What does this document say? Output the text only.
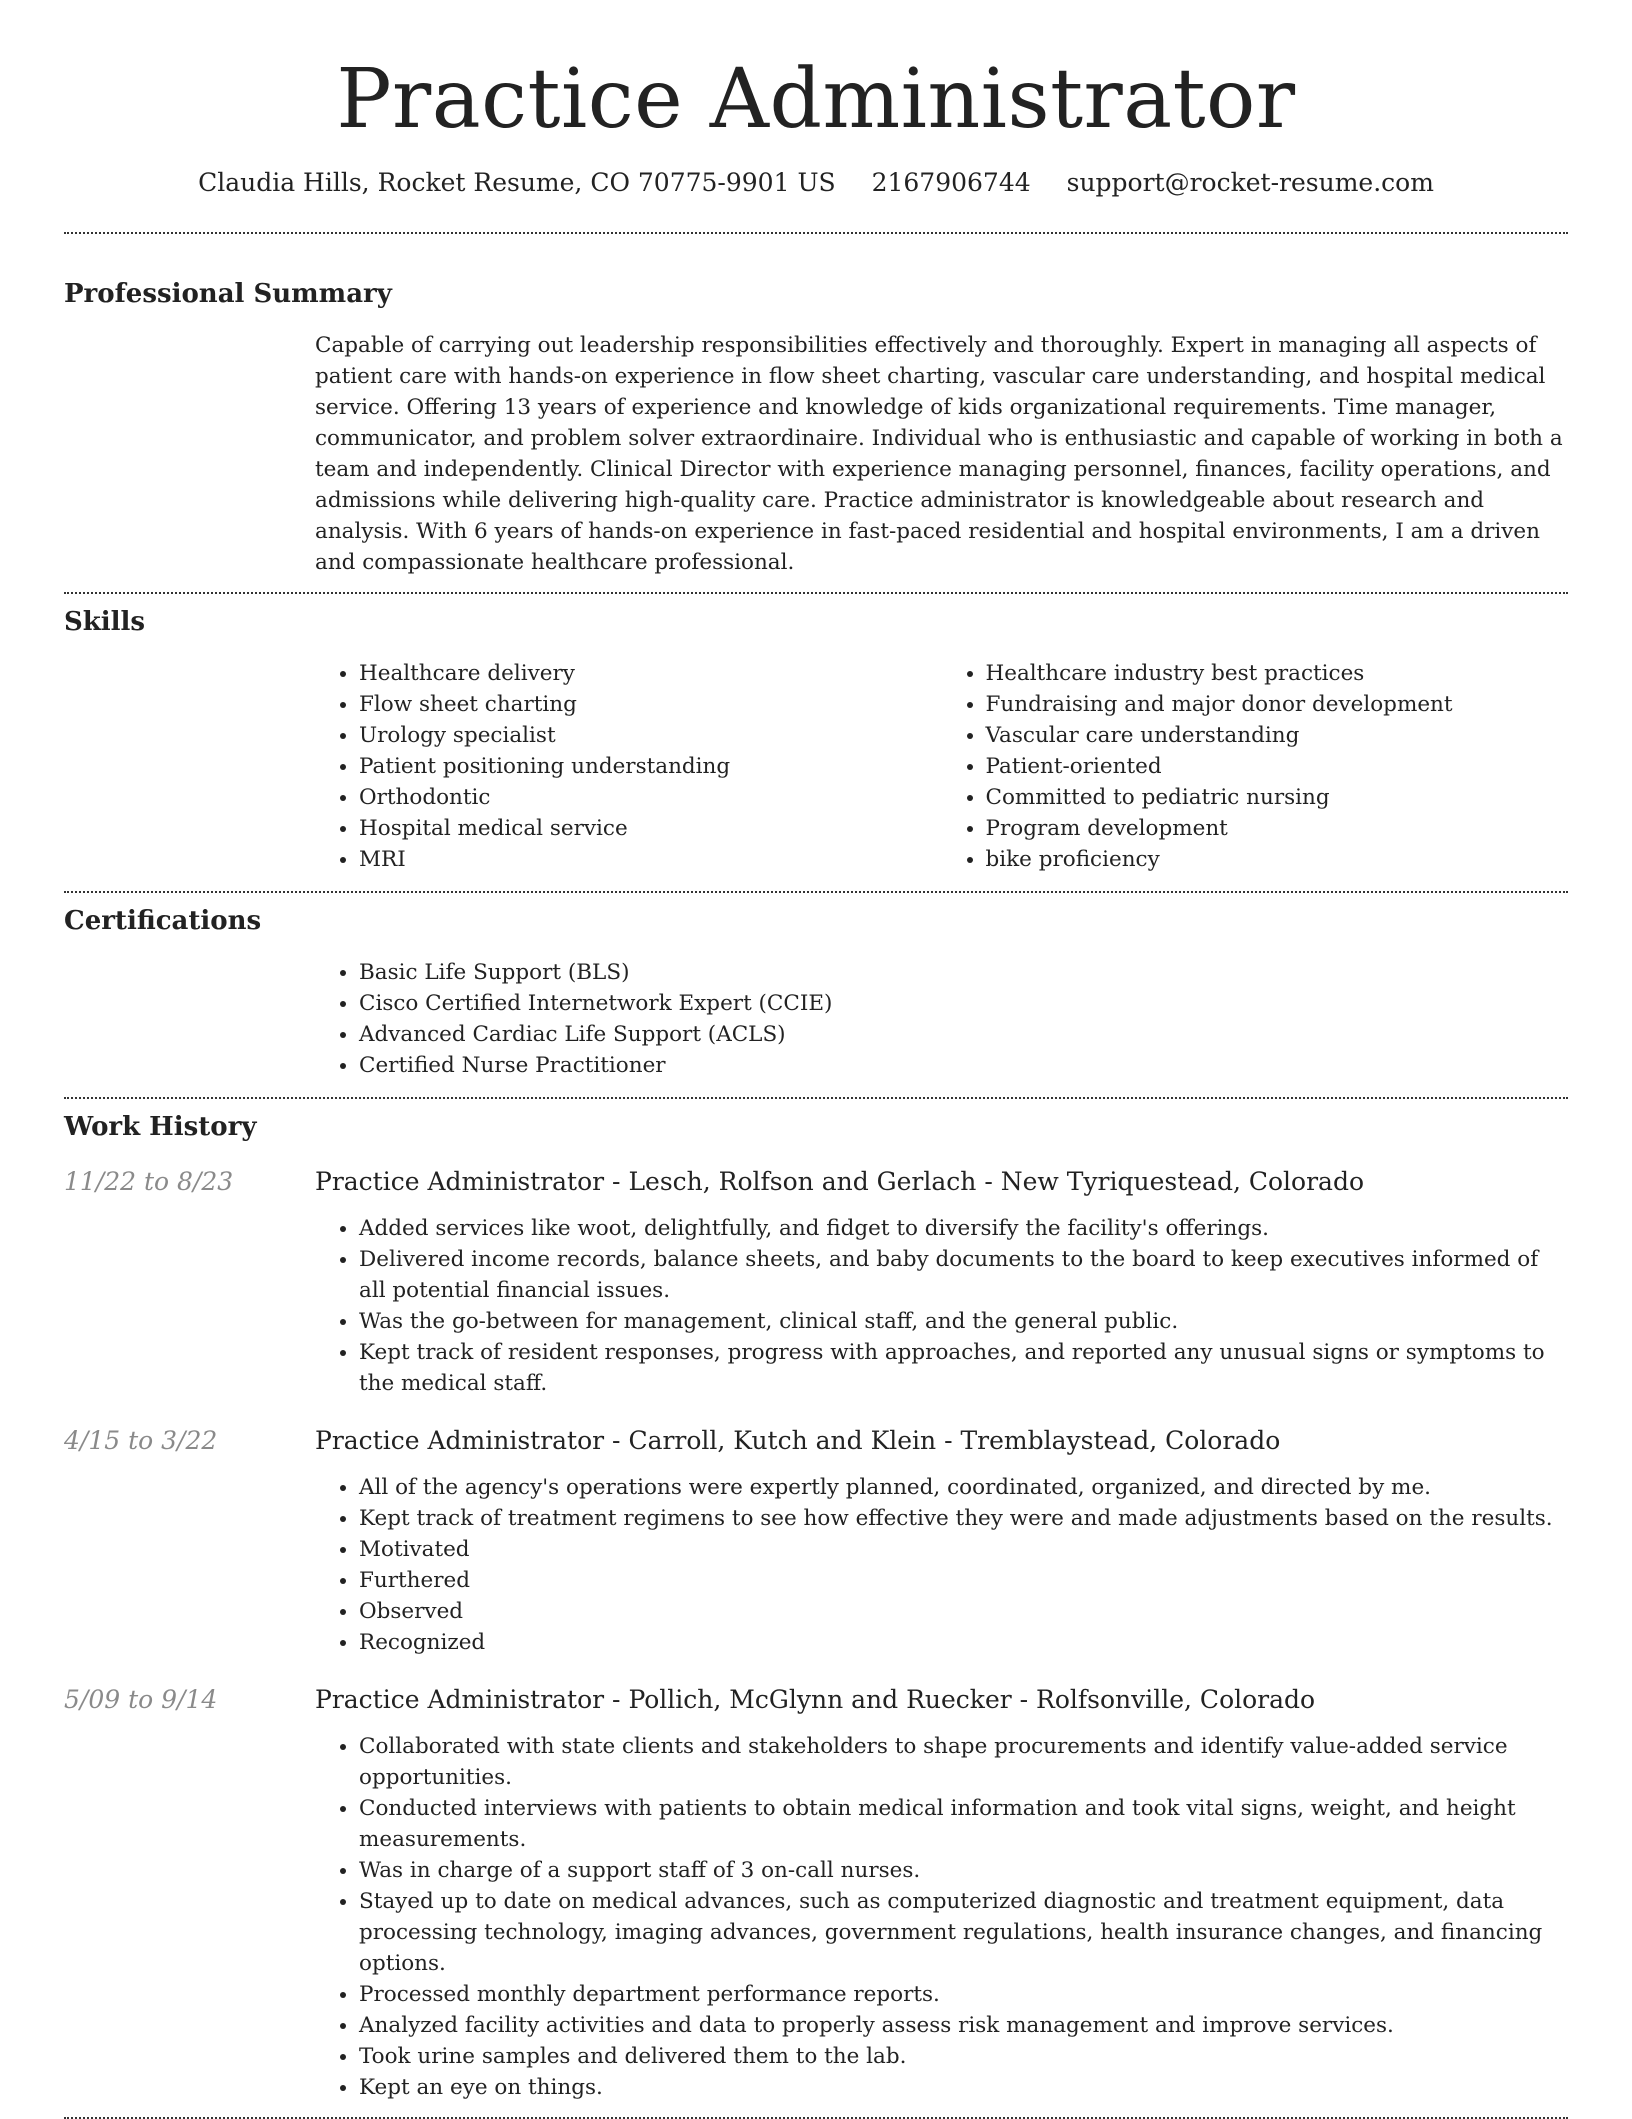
Practice Administrator
Claudia Hills, Rocket Resume, CO 70775-9901 US 2167906744 support@rocket-resume.com
Professional Summary

Capable of carrying out leadership responsibilities effectively and thoroughly. Expert in managing all aspects of patient care with hands-on experience in flow sheet charting, vascular care understanding, and hospital medical service. Offering 13 years of experience and knowledge of kids organizational requirements. Time manager, communicator, and problem solver extraordinaire. Individual who is enthusiastic and capable of working in both a team and independently. Clinical Director with experience managing personnel, finances, facility operations, and admissions while delivering high-quality care. Practice administrator is knowledgeable about research and analysis. With 6 years of hands-on experience in fast-paced residential and hospital environments, I am a driven and compassionate healthcare professional.

Skills
• Healthcare delivery
• Flow sheet charting
• Urology specialist
• Patient positioning understanding
• Orthodontic
• Hospital medical service
• MRI
• Healthcare industry best practices
• Fundraising and major donor development
• Vascular care understanding
• Patient-oriented
• Committed to pediatric nursing
• Program development
• bike proficiency
Certifications
• Basic Life Support (BLS)
• Cisco Certified Internetwork Expert (CCIE)
• Advanced Cardiac Life Support (ACLS)
• Certified Nurse Practitioner
Work History
11/22 to 8/23	Practice Administrator - Lesch, Rolfson and Gerlach - New Tyriquestead, Colorado
• Added services like woot, delightfully, and fidget to diversify the facility's offerings.
• Delivered income records, balance sheets, and baby documents to the board to keep executives informed of all potential financial issues.
• Was the go-between for management, clinical staff, and the general public.
• Kept track of resident responses, progress with approaches, and reported any unusual signs or symptoms to the medical staff.
4/15 to 3/22	Practice Administrator - Carroll, Kutch and Klein - Tremblaystead, Colorado
• All of the agency's operations were expertly planned, coordinated, organized, and directed by me.
• Kept track of treatment regimens to see how effective they were and made adjustments based on the results.
• Motivated
• Furthered
• Observed
• Recognized
5/09 to 9/14	Practice Administrator - Pollich, McGlynn and Ruecker - Rolfsonville, Colorado
• Collaborated with state clients and stakeholders to shape procurements and identify value-added service opportunities.
• Conducted interviews with patients to obtain medical information and took vital signs, weight, and height measurements.
• Was in charge of a support staff of 3 on-call nurses.
• Stayed up to date on medical advances, such as computerized diagnostic and treatment equipment, data processing technology, imaging advances, government regulations, health insurance changes, and financing options.
• Processed monthly department performance reports.
• Analyzed facility activities and data to properly assess risk management and improve services.
• Took urine samples and delivered them to the lab.
• Kept an eye on things.
